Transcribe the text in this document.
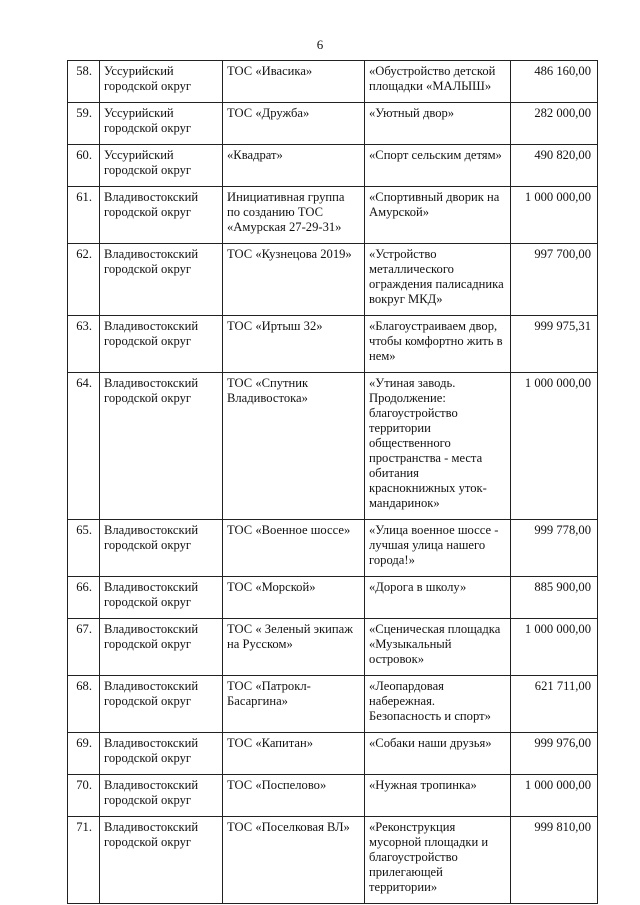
6
58.	Уссурийский городской округ	ТОС «Ивасика»	«Обустройство детской площадки «МАЛЫШ»	486 160,00
59.	Уссурийский городской округ	ТОС «Дружба»	«Уютный двор»	282 000,00
60.	Уссурийский городской округ	«Квадрат»	«Спорт сельским детям»	490 820,00
61.	Владивостокский городской округ	Инициативная группа по созданию ТОС «Амурская 27-29-31»	«Спортивный дворик на Амурской»	1 000 000,00
62.	Владивостокский городской округ	ТОС «Кузнецова 2019»	«Устройство металлического ограждения палисадника вокруг МКД»	997 700,00
63.	Владивостокский городской округ	ТОС «Иртыш 32»	«Благоустраиваем двор, чтобы комфортно жить в нем»	999 975,31
64.	Владивостокский городской округ	ТОС «Спутник Владивостока»	«Утиная заводь. Продолжение: благоустройство территории общественного пространства - места обитания краснокнижных уток-мандаринок»	1 000 000,00
65.	Владивостокский городской округ	ТОС «Военное шоссе»	«Улица военное шоссе - лучшая улица нашего города!»	999 778,00
66.	Владивостокский городской округ	ТОС «Морской»	«Дорога в школу»	885 900,00
67.	Владивостокский городской округ	ТОС « Зеленый экипаж на Русском»	«Сценическая площадка «Музыкальный островок»	1 000 000,00
68.	Владивостокский городской округ	ТОС «Патрокл-Басаргина»	«Леопардовая набережная. Безопасность и спорт»	621 711,00
69.	Владивостокский городской округ	ТОС «Капитан»	«Собаки наши друзья»	999 976,00
70.	Владивостокский городской округ	ТОС «Поспелово»	«Нужная тропинка»	1 000 000,00
71.	Владивостокский городской округ	ТОС «Поселковая ВЛ»	«Реконструкция мусорной площадки и благоустройство прилегающей территории»	999 810,00
